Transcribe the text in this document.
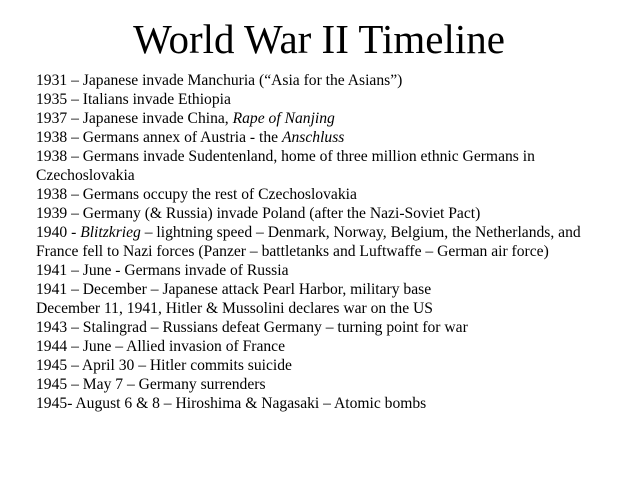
World War II Timeline
1931 – Japanese invade Manchuria (“Asia for the Asians”)
1935 – Italians invade Ethiopia
1937 – Japanese invade China, Rape of Nanjing
1938 – Germans annex of Austria - the Anschluss
1938 – Germans invade Sudentenland, home of three million ethnic Germans in Czechoslovakia
1938 – Germans occupy the rest of Czechoslovakia
1939 – Germany (& Russia) invade Poland (after the Nazi-Soviet Pact)
1940 - Blitzkrieg – lightning speed – Denmark, Norway, Belgium, the Netherlands, and France fell to Nazi forces (Panzer – battletanks and Luftwaffe – German air force)
1941 – June - Germans invade of Russia
1941 – December – Japanese attack Pearl Harbor, military base
December 11, 1941, Hitler & Mussolini declares war on the US
1943 – Stalingrad – Russians defeat Germany – turning point for war
1944 – June – Allied invasion of France
1945 – April 30 – Hitler commits suicide
1945 – May 7 – Germany surrenders
1945- August 6 & 8 – Hiroshima & Nagasaki – Atomic bombs
